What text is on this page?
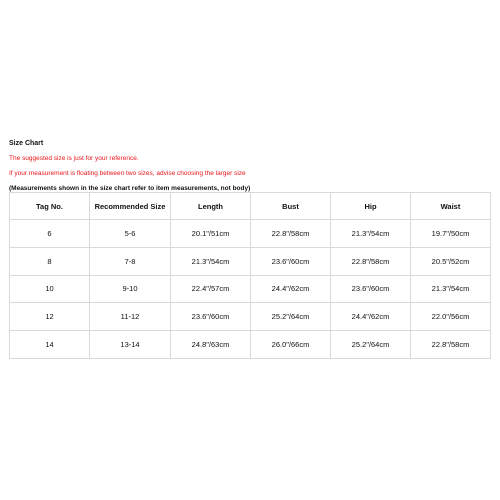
Size Chart
The suggested size is just for your reference.
If your measurement is floating between two sizes, advise choosing the larger size
(Measurements shown in the size chart refer to item measurements, not body)
Tag No.	Recommended Size	Length	Bust	Hip	Waist
6	5-6	20.1"/51cm	22.8"/58cm	21.3"/54cm	19.7"/50cm
8	7-8	21.3"/54cm	23.6"/60cm	22.8"/58cm	20.5"/52cm
10	9-10	22.4"/57cm	24.4"/62cm	23.6"/60cm	21.3"/54cm
12	11-12	23.6"/60cm	25.2"/64cm	24.4"/62cm	22.0"/56cm
14	13-14	24.8"/63cm	26.0"/66cm	25.2"/64cm	22.8"/58cm
